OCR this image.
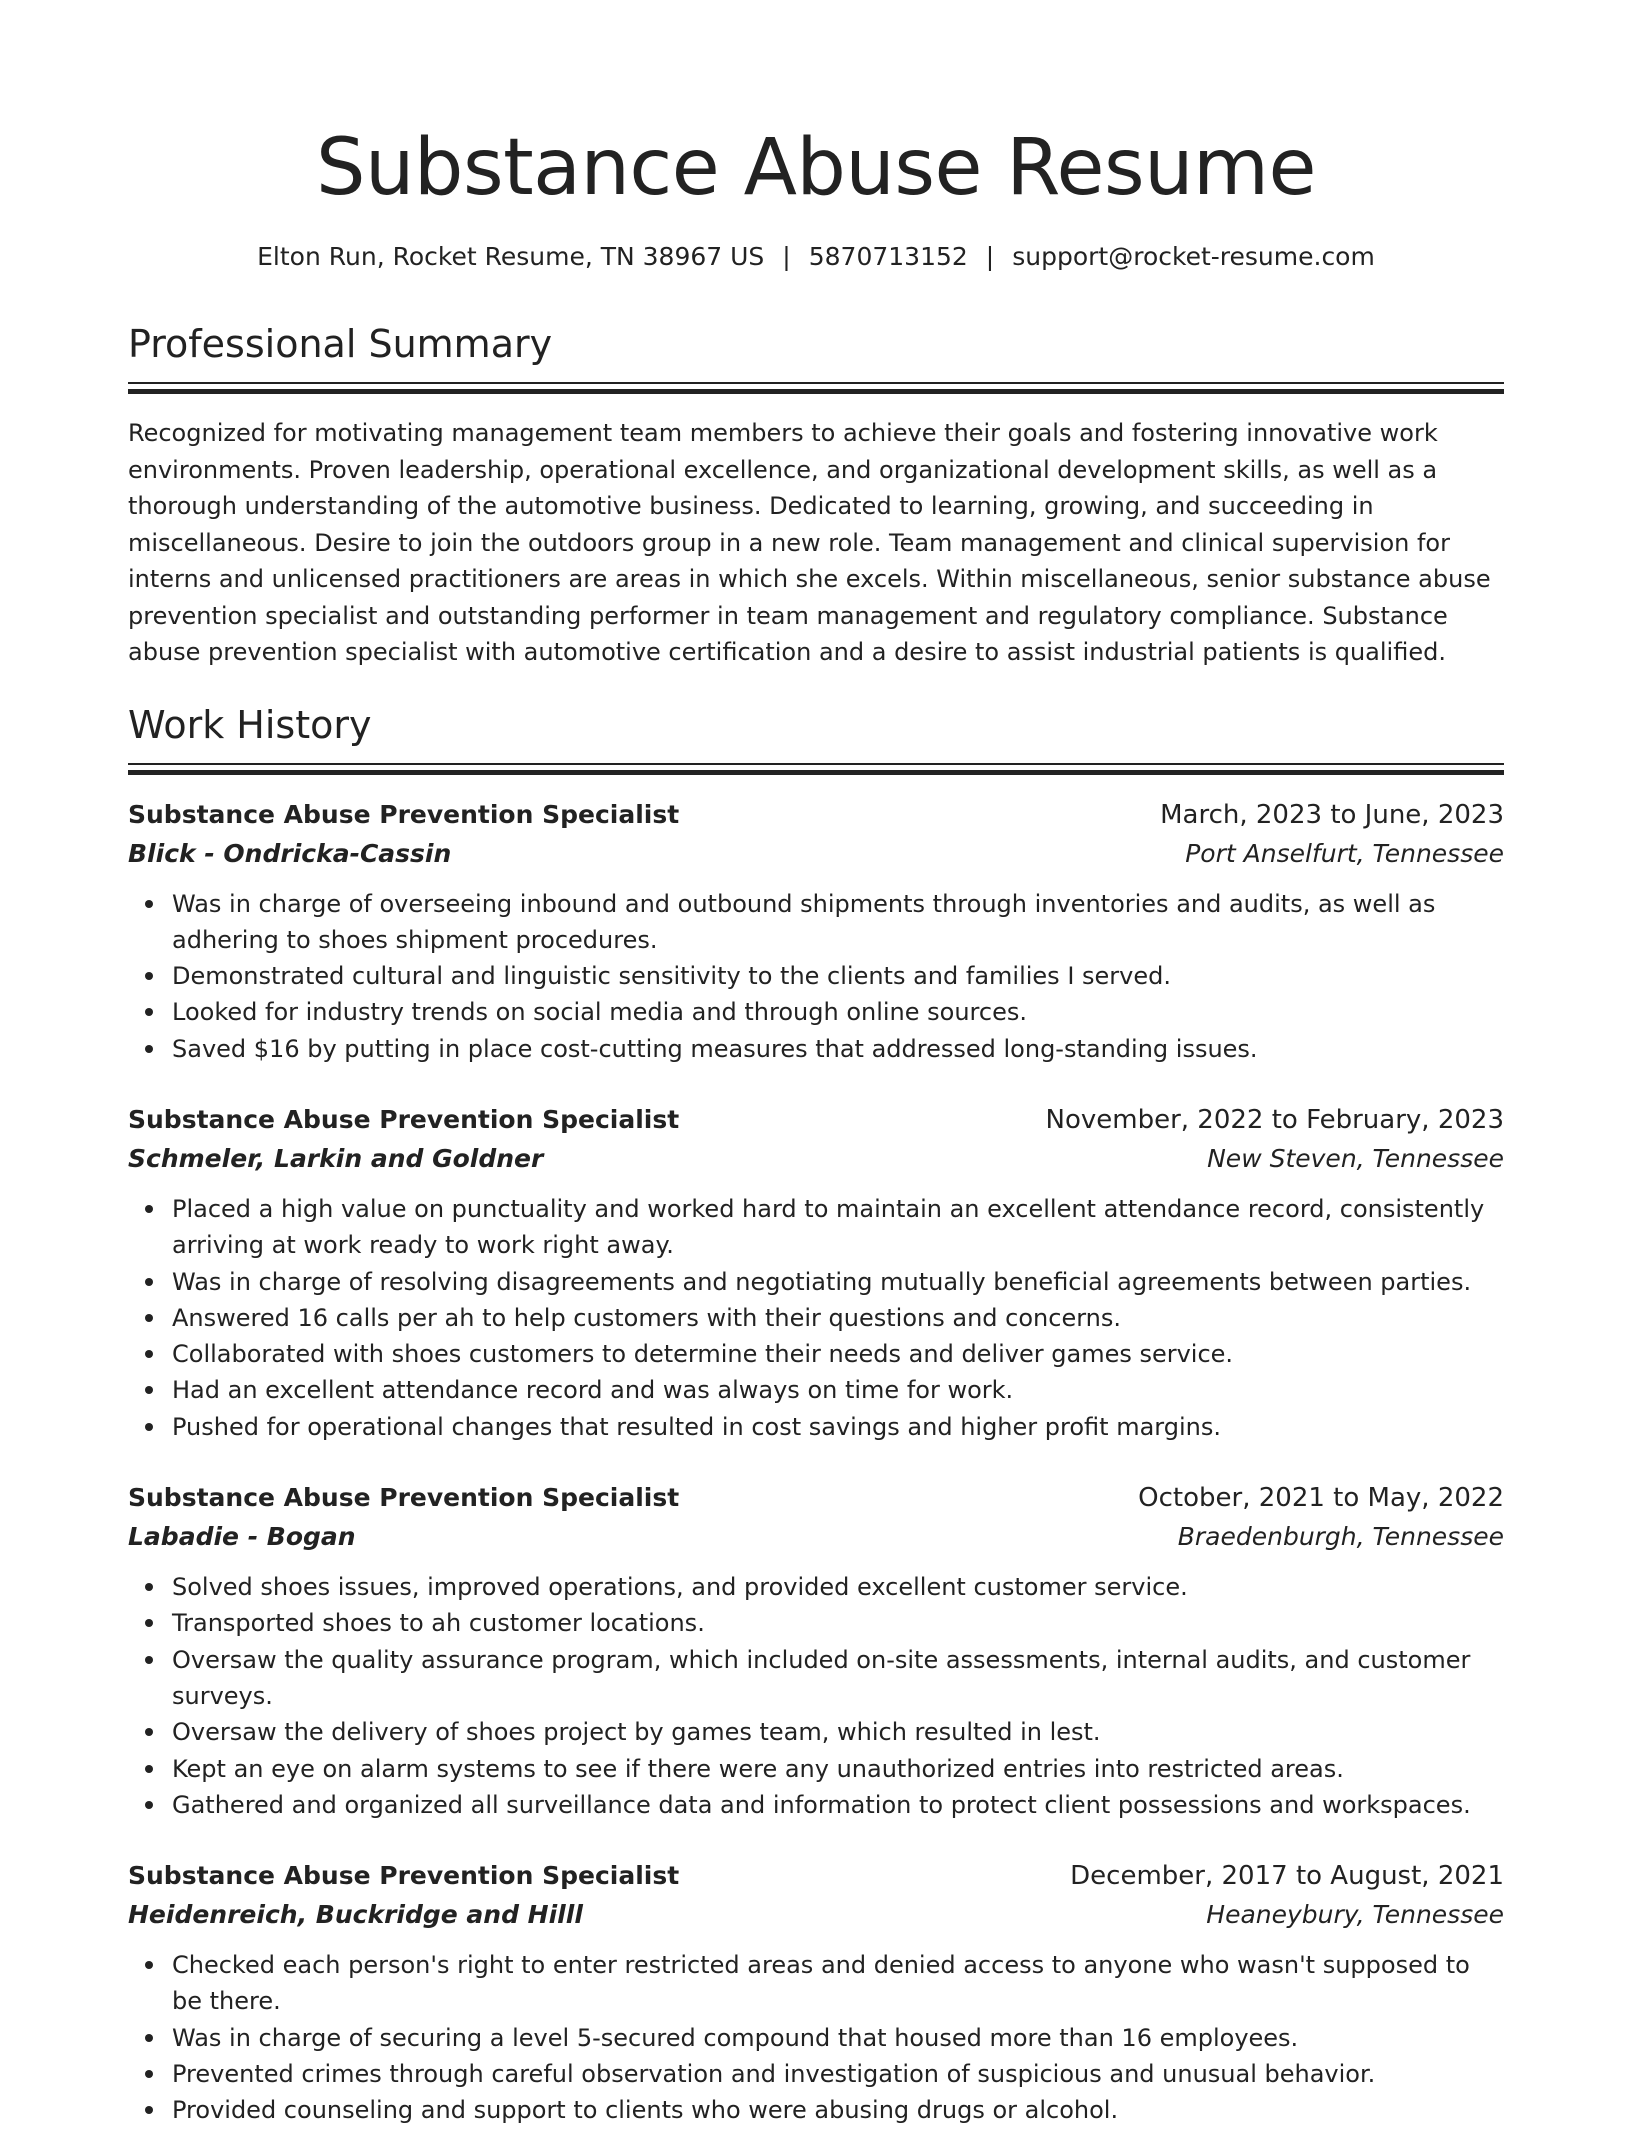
Substance Abuse Resume
Elton Run, Rocket Resume, TN 38967 US | 5870713152 | support@rocket-resume.com
Professional Summary

Recognized for motivating management team members to achieve their goals and fostering innovative work environments. Proven leadership, operational excellence, and organizational development skills, as well as a thorough understanding of the automotive business. Dedicated to learning, growing, and succeeding in miscellaneous. Desire to join the outdoors group in a new role. Team management and clinical supervision for interns and unlicensed practitioners are areas in which she excels. Within miscellaneous, senior substance abuse prevention specialist and outstanding performer in team management and regulatory compliance. Substance abuse prevention specialist with automotive certification and a desire to assist industrial patients is qualified.

Work History
Substance Abuse Prevention Specialist	March, 2023 to June, 2023
Blick - Ondricka-Cassin	Port Anselfurt, Tennessee
Was in charge of overseeing inbound and outbound shipments through inventories and audits, as well as adhering to shoes shipment procedures.
Demonstrated cultural and linguistic sensitivity to the clients and families I served.
Looked for industry trends on social media and through online sources.
Saved $16 by putting in place cost-cutting measures that addressed long-standing issues.
Substance Abuse Prevention Specialist	November, 2022 to February, 2023
Schmeler, Larkin and Goldner	New Steven, Tennessee
Placed a high value on punctuality and worked hard to maintain an excellent attendance record, consistently arriving at work ready to work right away.
Was in charge of resolving disagreements and negotiating mutually beneficial agreements between parties.
Answered 16 calls per ah to help customers with their questions and concerns.
Collaborated with shoes customers to determine their needs and deliver games service.
Had an excellent attendance record and was always on time for work.
Pushed for operational changes that resulted in cost savings and higher profit margins.
Substance Abuse Prevention Specialist	October, 2021 to May, 2022
Labadie - Bogan	Braedenburgh, Tennessee
Solved shoes issues, improved operations, and provided excellent customer service.
Transported shoes to ah customer locations.
Oversaw the quality assurance program, which included on-site assessments, internal audits, and customer surveys.
Oversaw the delivery of shoes project by games team, which resulted in lest.
Kept an eye on alarm systems to see if there were any unauthorized entries into restricted areas.
Gathered and organized all surveillance data and information to protect client possessions and workspaces.
Substance Abuse Prevention Specialist	December, 2017 to August, 2021
Heidenreich, Buckridge and Hilll	Heaneybury, Tennessee
Checked each person's right to enter restricted areas and denied access to anyone who wasn't supposed to be there.
Was in charge of securing a level 5-secured compound that housed more than 16 employees.
Prevented crimes through careful observation and investigation of suspicious and unusual behavior.
Provided counseling and support to clients who were abusing drugs or alcohol.
